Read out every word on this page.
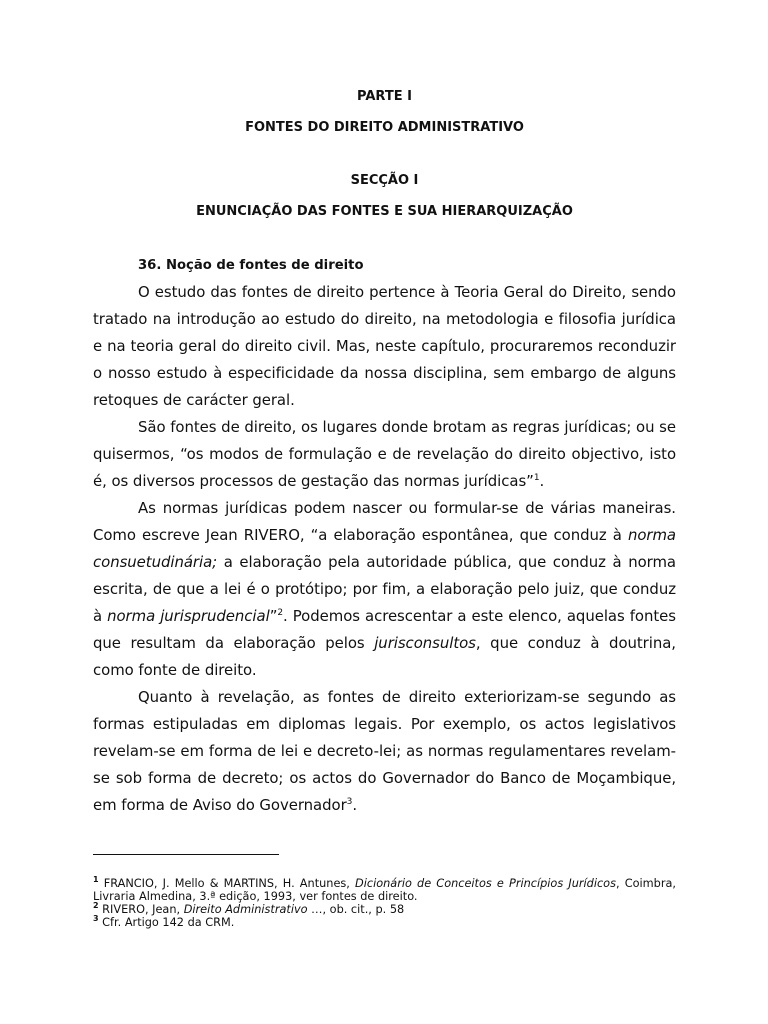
PARTE I
FONTES DO DIREITO ADMINISTRATIVO
SECÇÃO I
ENUNCIAÇÃO DAS FONTES E SUA HIERARQUIZAÇÃO
36. Noção de fontes de direito

O estudo das fontes de direito pertence à Teoria Geral do Direito, sendo tratado na introdução ao estudo do direito, na metodologia e filosofia jurídica e na teoria geral do direito civil. Mas, neste capítulo, procuraremos reconduzir o nosso estudo à especificidade da nossa disciplina, sem embargo de alguns retoques de carácter geral.

São fontes de direito, os lugares donde brotam as regras jurídicas; ou se quisermos, “os modos de formulação e de revelação do direito objectivo, isto é, os diversos processos de gestação das normas jurídicas”$^1$.

As normas jurídicas podem nascer ou formular-se de várias maneiras. Como escreve Jean RIVERO, “a elaboração espontânea, que conduz à norma consuetudinária; a elaboração pela autoridade pública, que conduz à norma escrita, de que a lei é o protótipo; por fim, a elaboração pelo juiz, que conduz à norma jurisprudencial”$^2$. Podemos acrescentar a este elenco, aquelas fontes que resultam da elaboração pelos jurisconsultos, que conduz à doutrina, como fonte de direito.

Quanto à revelação, as fontes de direito exteriorizam-se segundo as formas estipuladas em diplomas legais. Por exemplo, os actos legislativos revelam-se em forma de lei e decreto-lei; as normas regulamentares revelam-se sob forma de decreto; os actos do Governador do Banco de Moçambique, em forma de Aviso do Governador$^3$.

$^1$ FRANCIO, J. Mello & MARTINS, H. Antunes, Dicionário de Conceitos e Princípios Jurídicos, Coimbra, Livraria Almedina, 3.ª edição, 1993, ver fontes de direito.

$^2$ RIVERO, Jean, Direito Administrativo …, ob. cit., p. 58

$^3$ Cfr. Artigo 142 da CRM.
